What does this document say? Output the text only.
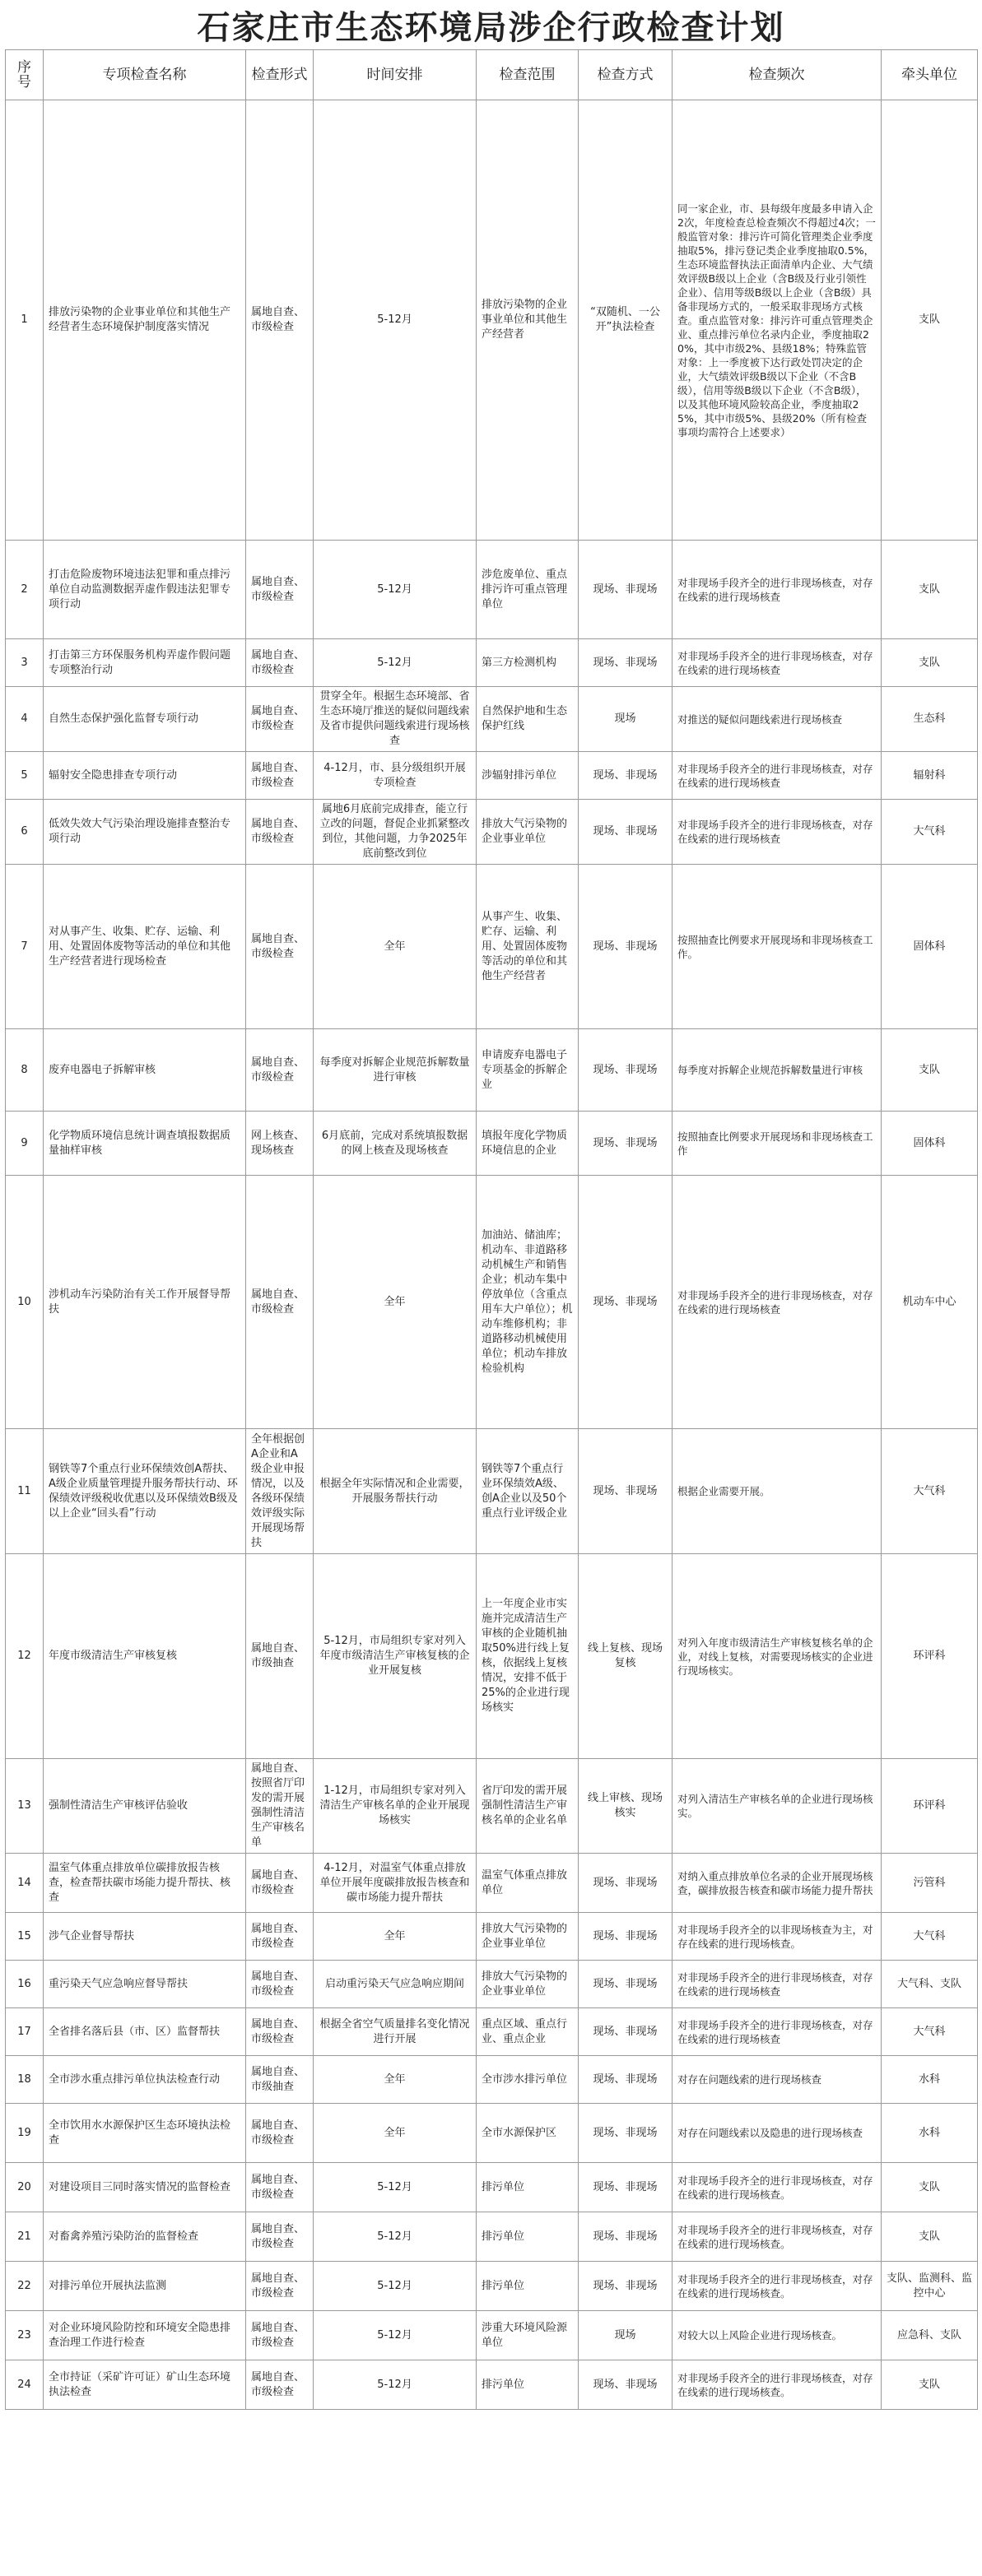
石家庄市生态环境局涉企行政检查计划
序号	专项检查名称	检查形式	时间安排	检查范围	检查方式	检查频次	牵头单位
1	排放污染物的企业事业单位和其他生产经营者生态环境保护制度落实情况	属地自查、市级检查	5-12月	排放污染物的企业事业单位和其他生产经营者	“双随机、一公开”执法检查	同一家企业，市、县每级年度最多申请入企2次，年度检查总检查频次不得超过4次；一般监管对象：排污许可简化管理类企业季度抽取5%，排污登记类企业季度抽取0.5%，生态环境监督执法正面清单内企业、大气绩效评级B级以上企业（含B级及行业引领性企业）、信用等级B级以上企业（含B级）具备非现场方式的，一般采取非现场方式核查。重点监管对象：排污许可重点管理类企业、重点排污单位名录内企业，季度抽取20%，其中市级2%、县级18%；特殊监管对象：上一季度被下达行政处罚决定的企业，大气绩效评级B级以下企业（不含B级），信用等级B级以下企业（不含B级），以及其他环境风险较高企业，季度抽取25%，其中市级5%、县级20%（所有检查事项均需符合上述要求）	支队
2	打击危险废物环境违法犯罪和重点排污单位自动监测数据弄虚作假违法犯罪专项行动	属地自查、市级检查	5-12月	涉危废单位、重点排污许可重点管理单位	现场、非现场	对非现场手段齐全的进行非现场核查，对存在线索的进行现场核查	支队
3	打击第三方环保服务机构弄虚作假问题专项整治行动	属地自查、市级检查	5-12月	第三方检测机构	现场、非现场	对非现场手段齐全的进行非现场核查，对存在线索的进行现场核查	支队
4	自然生态保护强化监督专项行动	属地自查、市级检查	贯穿全年。根据生态环境部、省生态环境厅推送的疑似问题线索及省市提供问题线索进行现场核查	自然保护地和生态保护红线	现场	对推送的疑似问题线索进行现场核查	生态科
5	辐射安全隐患排查专项行动	属地自查、市级检查	4-12月，市、县分级组织开展专项检查	涉辐射排污单位	现场、非现场	对非现场手段齐全的进行非现场核查，对存在线索的进行现场核查	辐射科
6	低效失效大气污染治理设施排查整治专项行动	属地自查、市级检查	属地6月底前完成排查，能立行立改的问题，督促企业抓紧整改到位，其他问题，力争2025年底前整改到位	排放大气污染物的企业事业单位	现场、非现场	对非现场手段齐全的进行非现场核查，对存在线索的进行现场核查	大气科
7	对从事产生、收集、贮存、运输、利用、处置固体废物等活动的单位和其他生产经营者进行现场检查	属地自查、市级检查	全年	从事产生、收集、贮存、运输、利用、处置固体废物等活动的单位和其他生产经营者	现场、非现场	按照抽查比例要求开展现场和非现场核查工作。	固体科
8	废弃电器电子拆解审核	属地自查、市级检查	每季度对拆解企业规范拆解数量进行审核	申请废弃电器电子专项基金的拆解企业	现场、非现场	每季度对拆解企业规范拆解数量进行审核	支队
9	化学物质环境信息统计调查填报数据质量抽样审核	网上核查、现场核查	6月底前，完成对系统填报数据的网上核查及现场核查	填报年度化学物质环境信息的企业	现场、非现场	按照抽查比例要求开展现场和非现场核查工作	固体科
10	涉机动车污染防治有关工作开展督导帮扶	属地自查、市级检查	全年	加油站、储油库；机动车、非道路移动机械生产和销售企业；机动车集中停放单位（含重点用车大户单位）；机动车维修机构；非道路移动机械使用单位；机动车排放检验机构	现场、非现场	对非现场手段齐全的进行非现场核查，对存在线索的进行现场核查	机动车中心
11	钢铁等7个重点行业环保绩效创A帮扶、A级企业质量管理提升服务帮扶行动、环保绩效评级税收优惠以及环保绩效B级及以上企业“回头看”行动	全年根据创A企业和A级企业申报情况，以及各级环保绩效评级实际开展现场帮扶	根据全年实际情况和企业需要，开展服务帮扶行动	钢铁等7个重点行业环保绩效A级、创A企业以及50个重点行业评级企业	现场、非现场	根据企业需要开展。	大气科
12	年度市级清洁生产审核复核	属地自查、市级抽查	5-12月，市局组织专家对列入年度市级清洁生产审核复核的企业开展复核	上一年度企业市实施并完成清洁生产审核的企业随机抽取50%进行线上复核，依据线上复核情况，安排不低于25%的企业进行现场核实	线上复核、现场复核	对列入年度市级清洁生产审核复核名单的企业，对线上复核，对需要现场核实的企业进行现场核实。	环评科
13	强制性清洁生产审核评估验收	属地自查、按照省厅印发的需开展强制性清洁生产审核名单	1-12月，市局组织专家对列入清洁生产审核名单的企业开展现场核实	省厅印发的需开展强制性清洁生产审核名单的企业名单	线上审核、现场核实	对列入清洁生产审核名单的企业进行现场核实。	环评科
14	温室气体重点排放单位碳排放报告核查，检查帮扶碳市场能力提升帮扶、核查	属地自查、市级检查	4-12月，对温室气体重点排放单位开展年度碳排放报告核查和碳市场能力提升帮扶	温室气体重点排放单位	现场、非现场	对纳入重点排放单位名录的企业开展现场核查，碳排放报告核查和碳市场能力提升帮扶	污管科
15	涉气企业督导帮扶	属地自查、市级检查	全年	排放大气污染物的企业事业单位	现场、非现场	对非现场手段齐全的以非现场核查为主，对存在线索的进行现场核查。	大气科
16	重污染天气应急响应督导帮扶	属地自查、市级检查	启动重污染天气应急响应期间	排放大气污染物的企业事业单位	现场、非现场	对非现场手段齐全的进行非现场核查，对存在线索的进行现场核查	大气科、支队
17	全省排名落后县（市、区）监督帮扶	属地自查、市级检查	根据全省空气质量排名变化情况进行开展	重点区域、重点行业、重点企业	现场、非现场	对非现场手段齐全的进行非现场核查，对存在线索的进行现场核查	大气科
18	全市涉水重点排污单位执法检查行动	属地自查、市级抽查	全年	全市涉水排污单位	现场、非现场	对存在问题线索的进行现场核查	水科
19	全市饮用水水源保护区生态环境执法检查	属地自查、市级检查	全年	全市水源保护区	现场、非现场	对存在问题线索以及隐患的进行现场核查	水科
20	对建设项目三同时落实情况的监督检查	属地自查、市级检查	5-12月	排污单位	现场、非现场	对非现场手段齐全的进行非现场核查，对存在线索的进行现场核查。	支队
21	对畜禽养殖污染防治的监督检查	属地自查、市级检查	5-12月	排污单位	现场、非现场	对非现场手段齐全的进行非现场核查，对存在线索的进行现场核查。	支队
22	对排污单位开展执法监测	属地自查、市级检查	5-12月	排污单位	现场、非现场	对非现场手段齐全的进行非现场核查，对存在线索的进行现场核查。	支队、监测科、监控中心
23	对企业环境风险防控和环境安全隐患排查治理工作进行检查	属地自查、市级检查	5-12月	涉重大环境风险源单位	现场	对较大以上风险企业进行现场核查。	应急科、支队
24	全市持证（采矿许可证）矿山生态环境执法检查	属地自查、市级检查	5-12月	排污单位	现场、非现场	对非现场手段齐全的进行非现场核查，对存在线索的进行现场核查。	支队
